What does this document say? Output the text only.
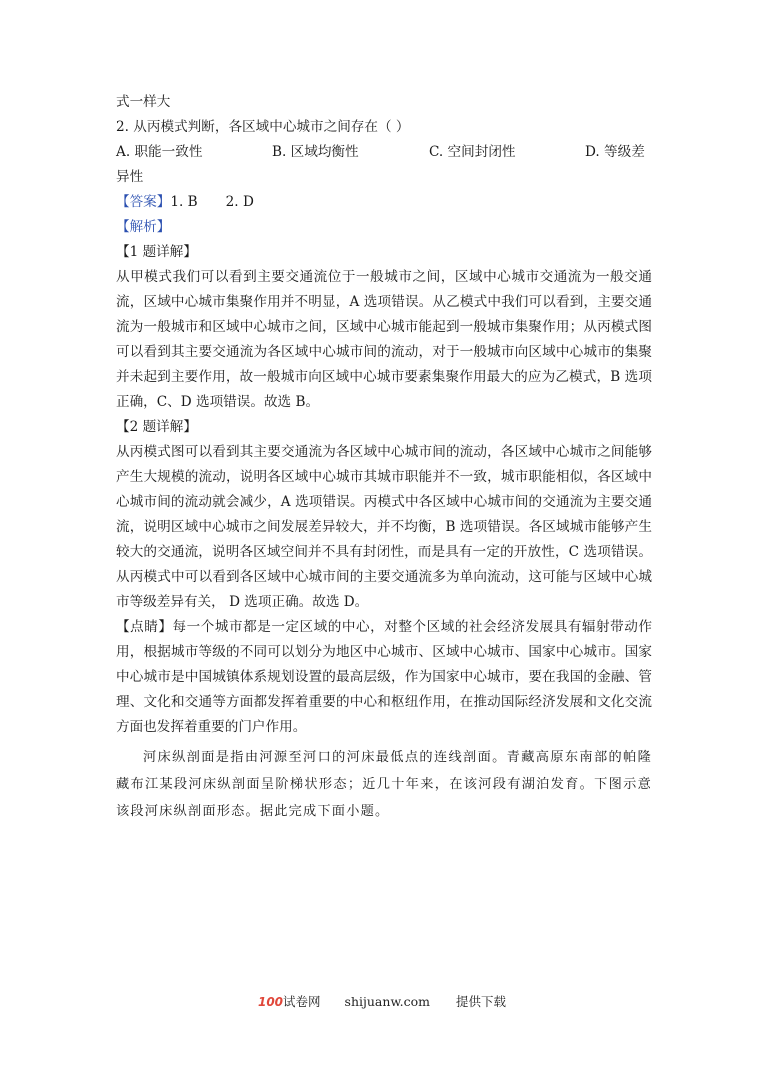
式一样大
2. 从丙模式判断，各区域中心城市之间存在（ ）
A. 职能一致性	B. 区域均衡性	C. 空间封闭性	D. 等级差
异性
【答案】1. B 2. D
【解析】
【1 题详解】
从甲模式我们可以看到主要交通流位于一般城市之间，区域中心城市交通流为一般交通流，区域中心城市集聚作用并不明显，A 选项错误。从乙模式中我们可以看到，主要交通流为一般城市和区域中心城市之间，区域中心城市能起到一般城市集聚作用；从丙模式图可以看到其主要交通流为各区域中心城市间的流动，对于一般城市向区域中心城市的集聚并未起到主要作用，故一般城市向区域中心城市要素集聚作用最大的应为乙模式，B 选项正确，C、D 选项错误。故选 B。
【2 题详解】
从丙模式图可以看到其主要交通流为各区域中心城市间的流动，各区域中心城市之间能够产生大规模的流动，说明各区域中心城市其城市职能并不一致，城市职能相似，各区域中心城市间的流动就会减少，A 选项错误。丙模式中各区域中心城市间的交通流为主要交通流，说明区域中心城市之间发展差异较大，并不均衡，B 选项错误。各区域城市能够产生较大的交通流，说明各区域空间并不具有封闭性，而是具有一定的开放性，C 选项错误。从丙模式中可以看到各区域中心城市间的主要交通流多为单向流动，这可能与区域中心城市等级差异有关， D 选项正确。故选 D。
【点睛】每一个城市都是一定区域的中心，对整个区域的社会经济发展具有辐射带动作用，根据城市等级的不同可以划分为地区中心城市、区域中心城市、国家中心城市。国家中心城市是中国城镇体系规划设置的最高层级，作为国家中心城市，要在我国的金融、管理、文化和交通等方面都发挥着重要的中心和枢纽作用，在推动国际经济发展和文化交流方面也发挥着重要的门户作用。
河床纵剖面是指由河源至河口的河床最低点的连线剖面。青藏高原东南部的帕隆藏布江某段河床纵剖面呈阶梯状形态；近几十年来，在该河段有湖泊发育。下图示意该段河床纵剖面形态。据此完成下面小题。
100试卷网 shijuanw.com 提供下载
